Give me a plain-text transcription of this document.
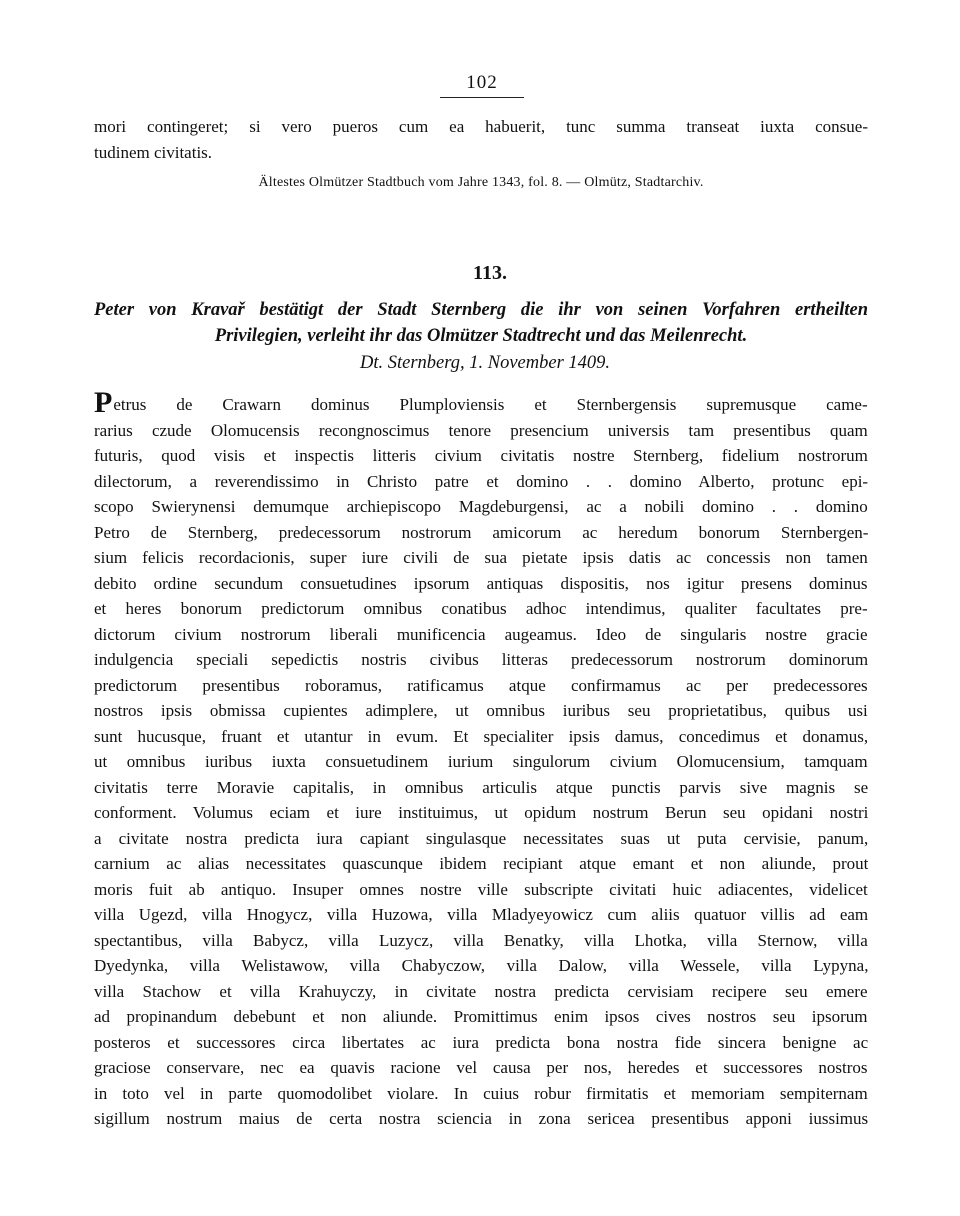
102
mori contingeret; si vero pueros cum ea habuerit, tunc summa transeat iuxta consue-
tudinem civitatis.
Ältestes Olmützer Stadtbuch vom Jahre 1343, fol. 8. — Olmütz, Stadtarchiv.
113.
Peter von Kravař bestätigt der Stadt Sternberg die ihr von seinen Vorfahren ertheilten
Privilegien, verleiht ihr das Olmützer Stadtrecht und das Meilenrecht.
Dt. Sternberg, 1. November 1409.
Petrus de Crawarn dominus Plumploviensis et Sternbergensis supremusque came-
rarius czude Olomucensis recongnoscimus tenore presencium universis tam presentibus quam
futuris, quod visis et inspectis litteris civium civitatis nostre Sternberg, fidelium nostrorum
dilectorum, a reverendissimo in Christo patre et domino . . domino Alberto, protunc epi-
scopo Swierynensi demumque archiepiscopo Magdeburgensi, ac a nobili domino . . domino
Petro de Sternberg, predecessorum nostrorum amicorum ac heredum bonorum Sternbergen-
sium felicis recordacionis, super iure civili de sua pietate ipsis datis ac concessis non tamen
debito ordine secundum consuetudines ipsorum antiquas dispositis, nos igitur presens dominus
et heres bonorum predictorum omnibus conatibus adhoc intendimus, qualiter facultates pre-
dictorum civium nostrorum liberali munificencia augeamus. Ideo de singularis nostre gracie
indulgencia speciali sepedictis nostris civibus litteras predecessorum nostrorum dominorum
predictorum presentibus roboramus, ratificamus atque confirmamus ac per predecessores
nostros ipsis obmissa cupientes adimplere, ut omnibus iuribus seu proprietatibus, quibus usi
sunt hucusque, fruant et utantur in evum. Et specialiter ipsis damus, concedimus et donamus,
ut omnibus iuribus iuxta consuetudinem iurium singulorum civium Olomucensium, tamquam
civitatis terre Moravie capitalis, in omnibus articulis atque punctis parvis sive magnis se
conforment. Volumus eciam et iure instituimus, ut opidum nostrum Berun seu opidani nostri
a civitate nostra predicta iura capiant singulasque necessitates suas ut puta cervisie, panum,
carnium ac alias necessitates quascunque ibidem recipiant atque emant et non aliunde, prout
moris fuit ab antiquo. Insuper omnes nostre ville subscripte civitati huic adiacentes, videlicet
villa Ugezd, villa Hnogycz, villa Huzowa, villa Mladyeyowicz cum aliis quatuor villis ad eam
spectantibus, villa Babycz, villa Luzycz, villa Benatky, villa Lhotka, villa Sternow, villa
Dyedynka, villa Welistawow, villa Chabyczow, villa Dalow, villa Wessele, villa Lypyna,
villa Stachow et villa Krahuyczy, in civitate nostra predicta cervisiam recipere seu emere
ad propinandum debebunt et non aliunde. Promittimus enim ipsos cives nostros seu ipsorum
posteros et successores circa libertates ac iura predicta bona nostra fide sincera benigne ac
graciose conservare, nec ea quavis racione vel causa per nos, heredes et successores nostros
in toto vel in parte quomodolibet violare. In cuius robur firmitatis et memoriam sempiternam
sigillum nostrum maius de certa nostra sciencia in zona sericea presentibus apponi iussimus
